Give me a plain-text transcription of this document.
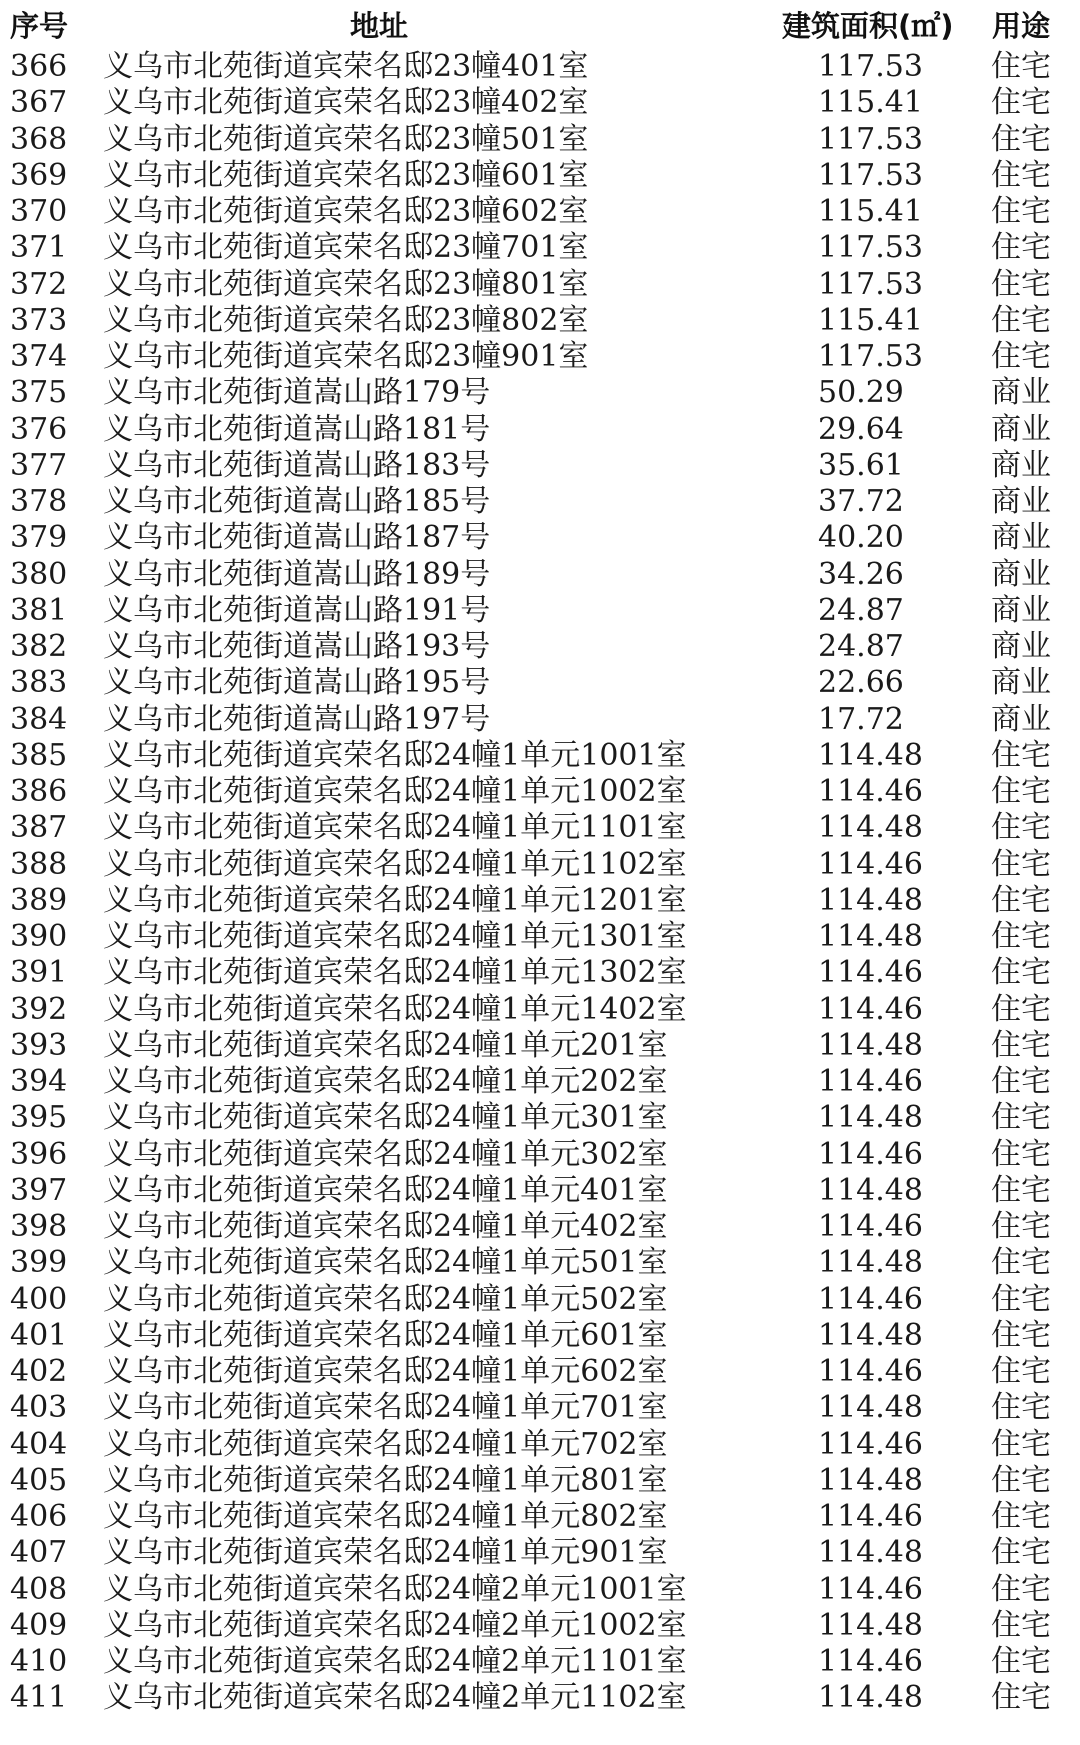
序号	地址	建筑面积(㎡) 用途
366 义乌市北苑街道宾荣名邸23幢401室	117.53 住宅
367 义乌市北苑街道宾荣名邸23幢402室	115.41 住宅
368 义乌市北苑街道宾荣名邸23幢501室	117.53 住宅
369 义乌市北苑街道宾荣名邸23幢601室	117.53 住宅
370 义乌市北苑街道宾荣名邸23幢602室	115.41 住宅
371 义乌市北苑街道宾荣名邸23幢701室	117.53 住宅
372 义乌市北苑街道宾荣名邸23幢801室	117.53 住宅
373 义乌市北苑街道宾荣名邸23幢802室	115.41 住宅
374 义乌市北苑街道宾荣名邸23幢901室	117.53 住宅
375 义乌市北苑街道嵩山路179号	50.29	商业
376 义乌市北苑街道嵩山路181号	29.64	商业
377 义乌市北苑街道嵩山路183号	35.61	商业
378 义乌市北苑街道嵩山路185号	37.72	商业
379 义乌市北苑街道嵩山路187号	40.20	商业
380 义乌市北苑街道嵩山路189号	34.26	商业
381 义乌市北苑街道嵩山路191号	24.87	商业
382 义乌市北苑街道嵩山路193号	24.87	商业
383 义乌市北苑街道嵩山路195号	22.66	商业
384 义乌市北苑街道嵩山路197号	17.72	商业
385 义乌市北苑街道宾荣名邸24幢1单元1001室	114.48 住宅
386 义乌市北苑街道宾荣名邸24幢1单元1002室	114.46 住宅
387 义乌市北苑街道宾荣名邸24幢1单元1101室	114.48 住宅
388 义乌市北苑街道宾荣名邸24幢1单元1102室	114.46 住宅
389 义乌市北苑街道宾荣名邸24幢1单元1201室	114.48 住宅
390 义乌市北苑街道宾荣名邸24幢1单元1301室	114.48 住宅
391 义乌市北苑街道宾荣名邸24幢1单元1302室	114.46 住宅
392 义乌市北苑街道宾荣名邸24幢1单元1402室	114.46 住宅
393 义乌市北苑街道宾荣名邸24幢1单元201室	114.48 住宅
394 义乌市北苑街道宾荣名邸24幢1单元202室	114.46 住宅
395 义乌市北苑街道宾荣名邸24幢1单元301室	114.48 住宅
396 义乌市北苑街道宾荣名邸24幢1单元302室	114.46 住宅
397 义乌市北苑街道宾荣名邸24幢1单元401室	114.48 住宅
398 义乌市北苑街道宾荣名邸24幢1单元402室	114.46 住宅
399 义乌市北苑街道宾荣名邸24幢1单元501室	114.48 住宅
400 义乌市北苑街道宾荣名邸24幢1单元502室	114.46 住宅
401 义乌市北苑街道宾荣名邸24幢1单元601室	114.48 住宅
402 义乌市北苑街道宾荣名邸24幢1单元602室	114.46 住宅
403 义乌市北苑街道宾荣名邸24幢1单元701室	114.48 住宅
404 义乌市北苑街道宾荣名邸24幢1单元702室	114.46 住宅
405 义乌市北苑街道宾荣名邸24幢1单元801室	114.48 住宅
406 义乌市北苑街道宾荣名邸24幢1单元802室	114.46 住宅
407 义乌市北苑街道宾荣名邸24幢1单元901室	114.48 住宅
408 义乌市北苑街道宾荣名邸24幢2单元1001室	114.46 住宅
409 义乌市北苑街道宾荣名邸24幢2单元1002室	114.48 住宅
410 义乌市北苑街道宾荣名邸24幢2单元1101室	114.46 住宅
411 义乌市北苑街道宾荣名邸24幢2单元1102室	114.48 住宅
